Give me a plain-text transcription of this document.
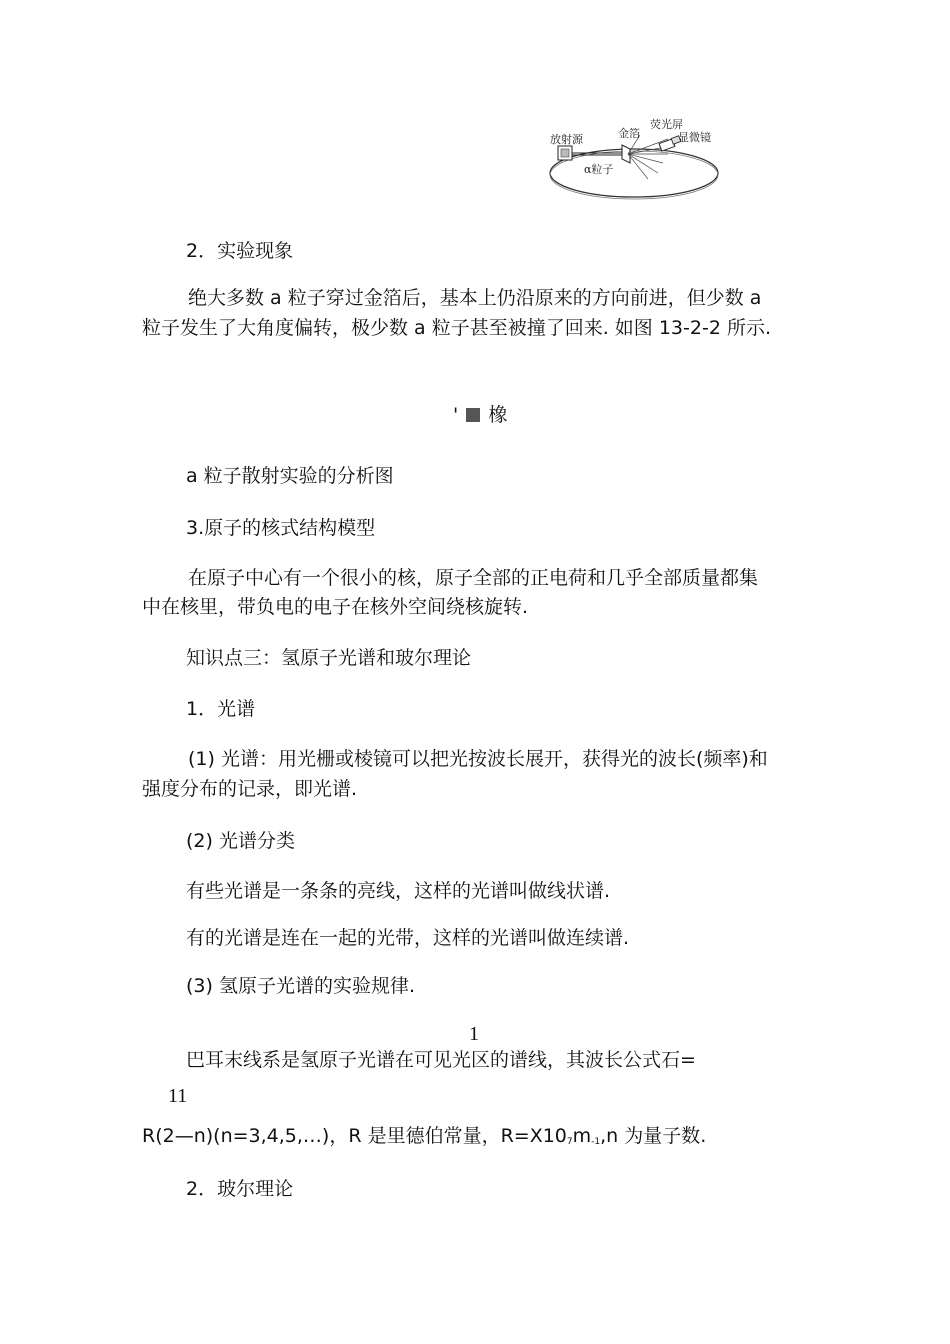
放射源	金箔
荧光屏
显微镜
α粒子
2．实验现象
绝大多数 a 粒子穿过金箔后，基本上仍沿原来的方向前进，但少数 a
粒子发生了大角度偏转，极少数 a 粒子甚至被撞了回来. 如图 13-2-2 所示.
' 橡
a 粒子散射实验的分析图
3.原子的核式结构模型
在原子中心有一个很小的核，原子全部的正电荷和几乎全部质量都集
中在核里，带负电的电子在核外空间绕核旋转.
知识点三：氢原子光谱和玻尔理论
1．光谱
(1) 光谱：用光栅或棱镜可以把光按波长展开，获得光的波长(频率)和
强度分布的记录，即光谱.
(2) 光谱分类
有些光谱是一条条的亮线，这样的光谱叫做线状谱.
有的光谱是连在一起的光带，这样的光谱叫做连续谱.
(3) 氢原子光谱的实验规律.
1
巴耳末线系是氢原子光谱在可见光区的谱线，其波长公式石=
11
R(2—n)(n=3,4,5,…)，R 是里德伯常量，$R=X10_7m_{-1},n$ 为量子数.
2．玻尔理论
